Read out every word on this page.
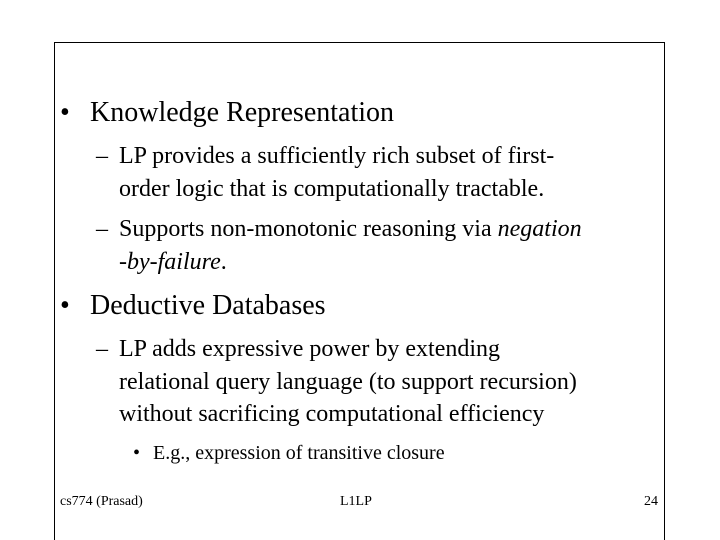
• Knowledge Representation
– LP provides a sufficiently rich subset of first-
order logic that is computationally tractable.
– Supports non-monotonic reasoning via negation
-by-failure.
• Deductive Databases
– LP adds expressive power by extending
relational query language (to support recursion)
without sacrificing computational efficiency
• E.g., expression of transitive closure
cs774 (Prasad)	L1LP	24
